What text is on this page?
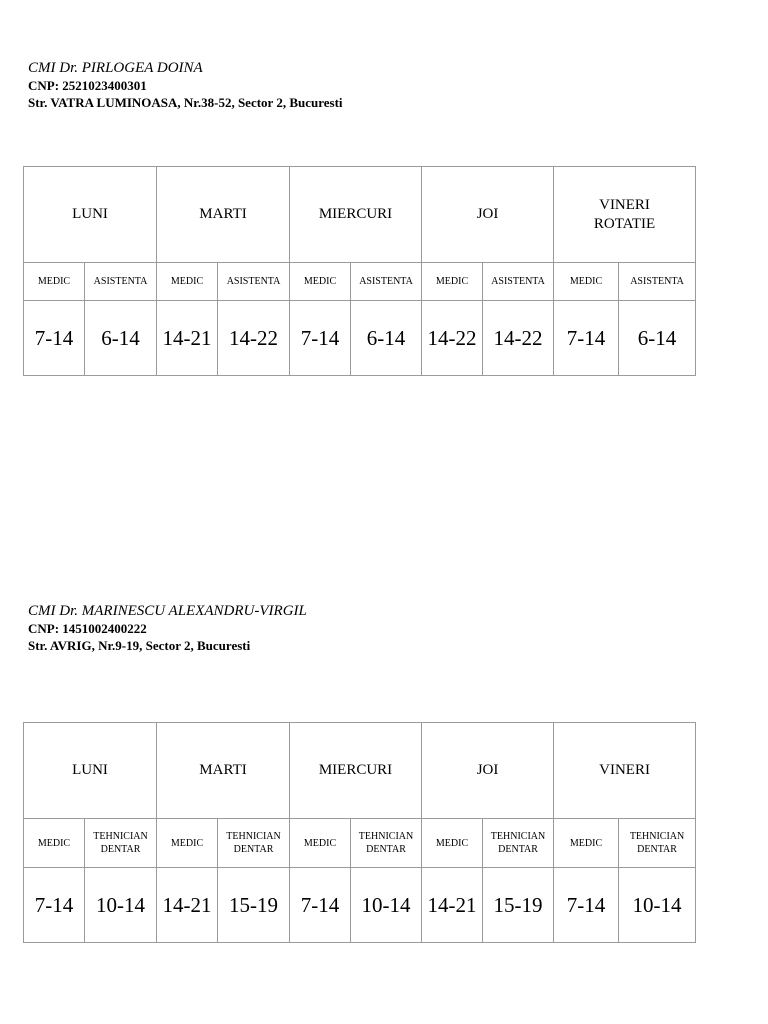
CMI Dr. PIRLOGEA DOINA
CNP: 2521023400301
Str. VATRA LUMINOASA, Nr.38-52, Sector 2, Bucuresti
LUNI		MARTI		MIERCURI		JOI		VINERI ROTATIE	
MEDIC	ASISTENTA	MEDIC	ASISTENTA	MEDIC	ASISTENTA	MEDIC	ASISTENTA	MEDIC	ASISTENTA
7-14	6-14	14-21	14-22	7-14	6-14	14-22	14-22	7-14	6-14
CMI Dr. MARINESCU ALEXANDRU-VIRGIL
CNP: 1451002400222
Str. AVRIG, Nr.9-19, Sector 2, Bucuresti
LUNI		MARTI		MIERCURI		JOI		VINERI	
MEDIC	TEHNICIAN DENTAR	MEDIC	TEHNICIAN DENTAR	MEDIC	TEHNICIAN DENTAR	MEDIC	TEHNICIAN DENTAR	MEDIC	TEHNICIAN DENTAR
7-14	10-14	14-21	15-19	7-14	10-14	14-21	15-19	7-14	10-14
